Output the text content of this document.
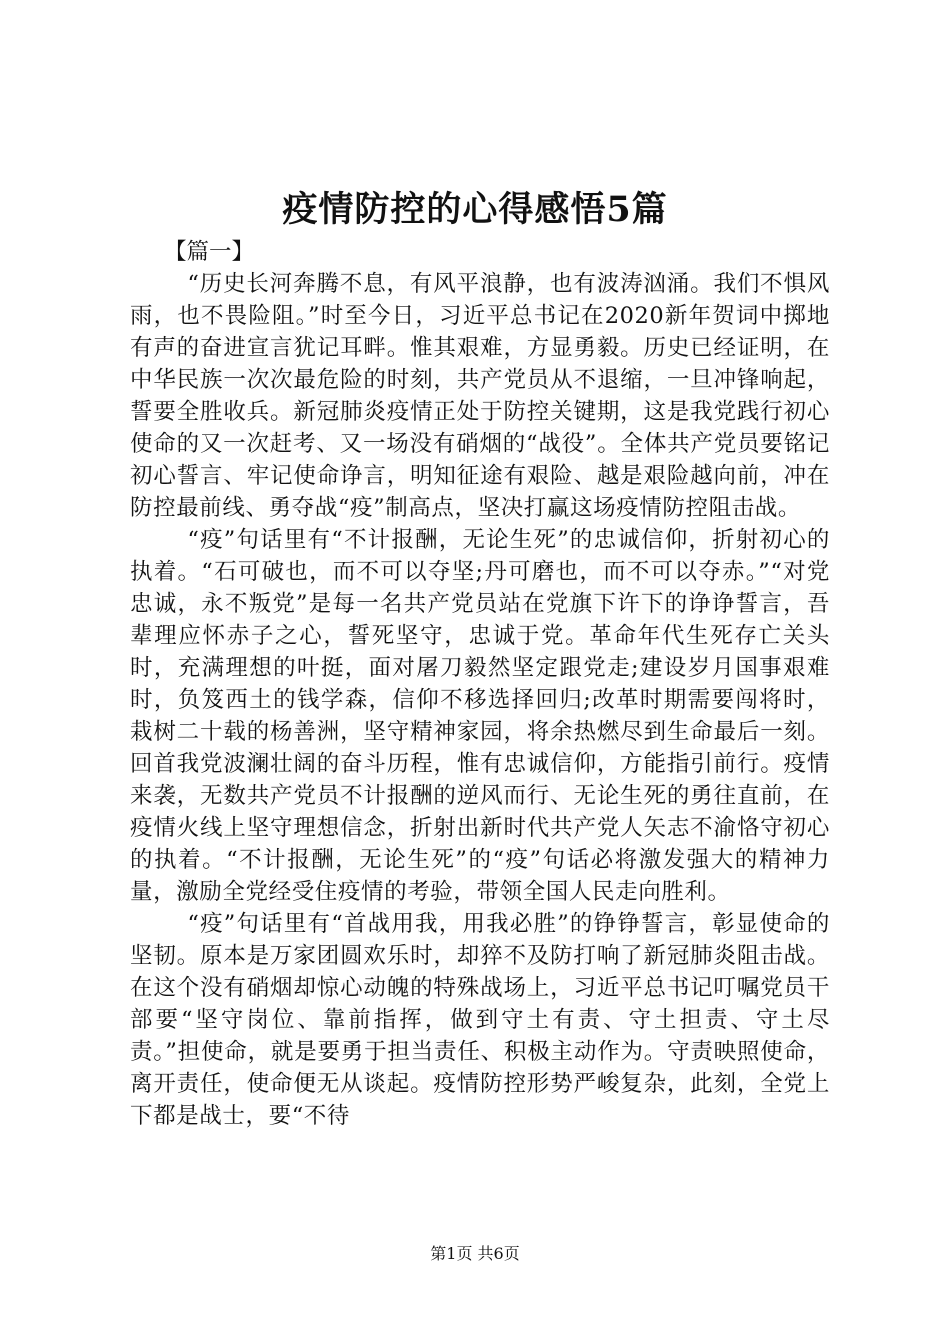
疫情防控的心得感悟5篇

【篇一】

“历史长河奔腾不息，有风平浪静，也有波涛汹涌。我们不惧风雨，也不畏险阻。”时至今日，习近平总书记在2020新年贺词中掷地有声的奋进宣言犹记耳畔。惟其艰难，方显勇毅。历史已经证明，在中华民族一次次最危险的时刻，共产党员从不退缩，一旦冲锋响起，誓要全胜收兵。新冠肺炎疫情正处于防控关键期，这是我党践行初心使命的又一次赶考、又一场没有硝烟的“战役”。全体共产党员要铭记初心誓言、牢记使命诤言，明知征途有艰险、越是艰险越向前，冲在防控最前线、勇夺战“疫”制高点，坚决打赢这场疫情防控阻击战。

“疫”句话里有“不计报酬，无论生死”的忠诚信仰，折射初心的执着。“石可破也，而不可以夺坚;丹可磨也，而不可以夺赤。”“对党忠诚，永不叛党”是每一名共产党员站在党旗下许下的诤诤誓言，吾辈理应怀赤子之心，誓死坚守，忠诚于党。革命年代生死存亡关头时，充满理想的叶挺，面对屠刀毅然坚定跟党走;建设岁月国事艰难时，负笈西土的钱学森，信仰不移选择回归;改革时期需要闯将时，栽树二十载的杨善洲，坚守精神家园，将余热燃尽到生命最后一刻。回首我党波澜壮阔的奋斗历程，惟有忠诚信仰，方能指引前行。疫情来袭，无数共产党员不计报酬的逆风而行、无论生死的勇往直前，在疫情火线上坚守理想信念，折射出新时代共产党人矢志不渝恪守初心的执着。“不计报酬，无论生死”的“疫”句话必将激发强大的精神力量，激励全党经受住疫情的考验，带领全国人民走向胜利。

“疫”句话里有“首战用我，用我必胜”的铮铮誓言，彰显使命的坚韧。原本是万家团圆欢乐时，却猝不及防打响了新冠肺炎阻击战。在这个没有硝烟却惊心动魄的特殊战场上，习近平总书记叮嘱党员干部要“坚守岗位、靠前指挥，做到守土有责、守土担责、守土尽责。”担使命，就是要勇于担当责任、积极主动作为。守责映照使命，离开责任，使命便无从谈起。疫情防控形势严峻复杂，此刻，全党上下都是战士，要“不待

第1页 共6页
